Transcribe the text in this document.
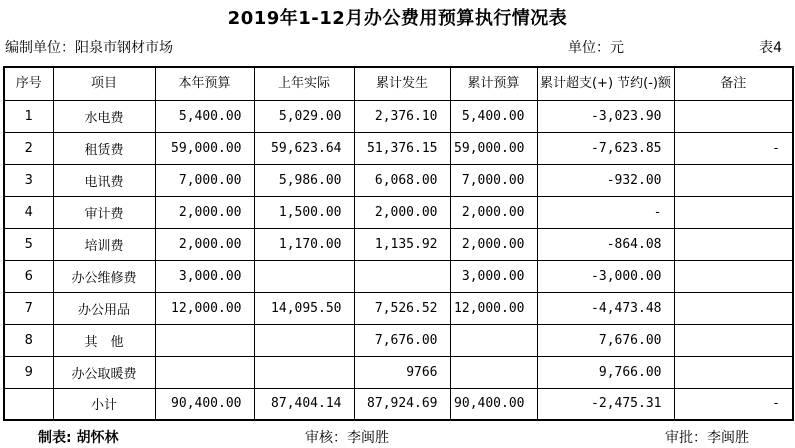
2019年1-12月办公费用预算执行情况表
编制单位：阳泉市钢材市场	单位：元	表4
序号	项目	本年预算	上年实际	累计发生	累计预算	累计超支(+) 节约(-)额	备注
1	水电费	5,400.00	5,029.00	2,376.10	5,400.00	-3,023.90	
2	租赁费	59,000.00	59,623.64	51,376.15	59,000.00	-7,623.85	-
3	电讯费	7,000.00	5,986.00	6,068.00	7,000.00	-932.00	
4	审计费	2,000.00	1,500.00	2,000.00	2,000.00	-	
5	培训费	2,000.00	1,170.00	1,135.92	2,000.00	-864.08	
6	办公维修费	3,000.00			3,000.00	-3,000.00	
7	办公用品	12,000.00	14,095.50	7,526.52	12,000.00	-4,473.48	
8	其　他			7,676.00		7,676.00	
9	办公取暖费			9766		9,766.00	
	小计	90,400.00	87,404.14	87,924.69	90,400.00	-2,475.31	-
制表: 胡怀林	审核：李闽胜	审批：李闽胜
